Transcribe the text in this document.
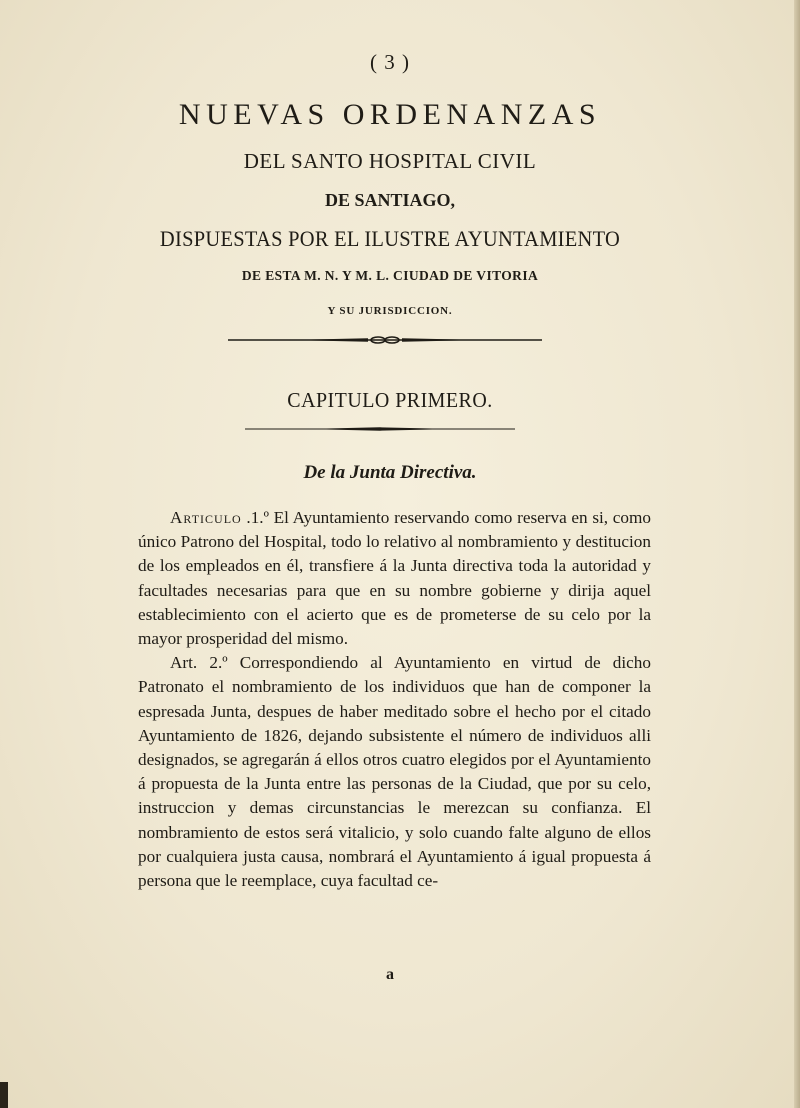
( 3 )
NUEVAS ORDENANZAS
DEL SANTO HOSPITAL CIVIL
DE SANTIAGO,
DISPUESTAS POR EL ILUSTRE AYUNTAMIENTO
DE ESTA M. N. Y M. L. CIUDAD DE VITORIA
Y SU JURISDICCION.
CAPITULO PRIMERO.
De la Junta Directiva.

Articulo .1.º El Ayuntamiento reservando como reserva en si, como único Patrono del Hospital, todo lo relativo al nombramiento y destitucion de los empleados en él, transfiere á la Junta directiva toda la autoridad y facultades necesarias para que en su nombre gobierne y dirija aquel establecimiento con el acierto que es de prometerse de su celo por la mayor prosperidad del mismo.

Art. 2.º Correspondiendo al Ayuntamiento en virtud de dicho Patronato el nombramiento de los individuos que han de componer la espresada Junta, despues de haber meditado sobre el hecho por el citado Ayuntamiento de 1826, dejando subsistente el número de individuos alli designados, se agregarán á ellos otros cuatro elegidos por el Ayuntamiento á propuesta de la Junta entre las personas de la Ciudad, que por su celo, instruccion y demas circunstancias le merezcan su confianza. El nombramiento de estos será vitalicio, y solo cuando falte alguno de ellos por cualquiera justa causa, nombrará el Ayuntamiento á igual propuesta á persona que le reemplace, cuya facultad ce-

a
